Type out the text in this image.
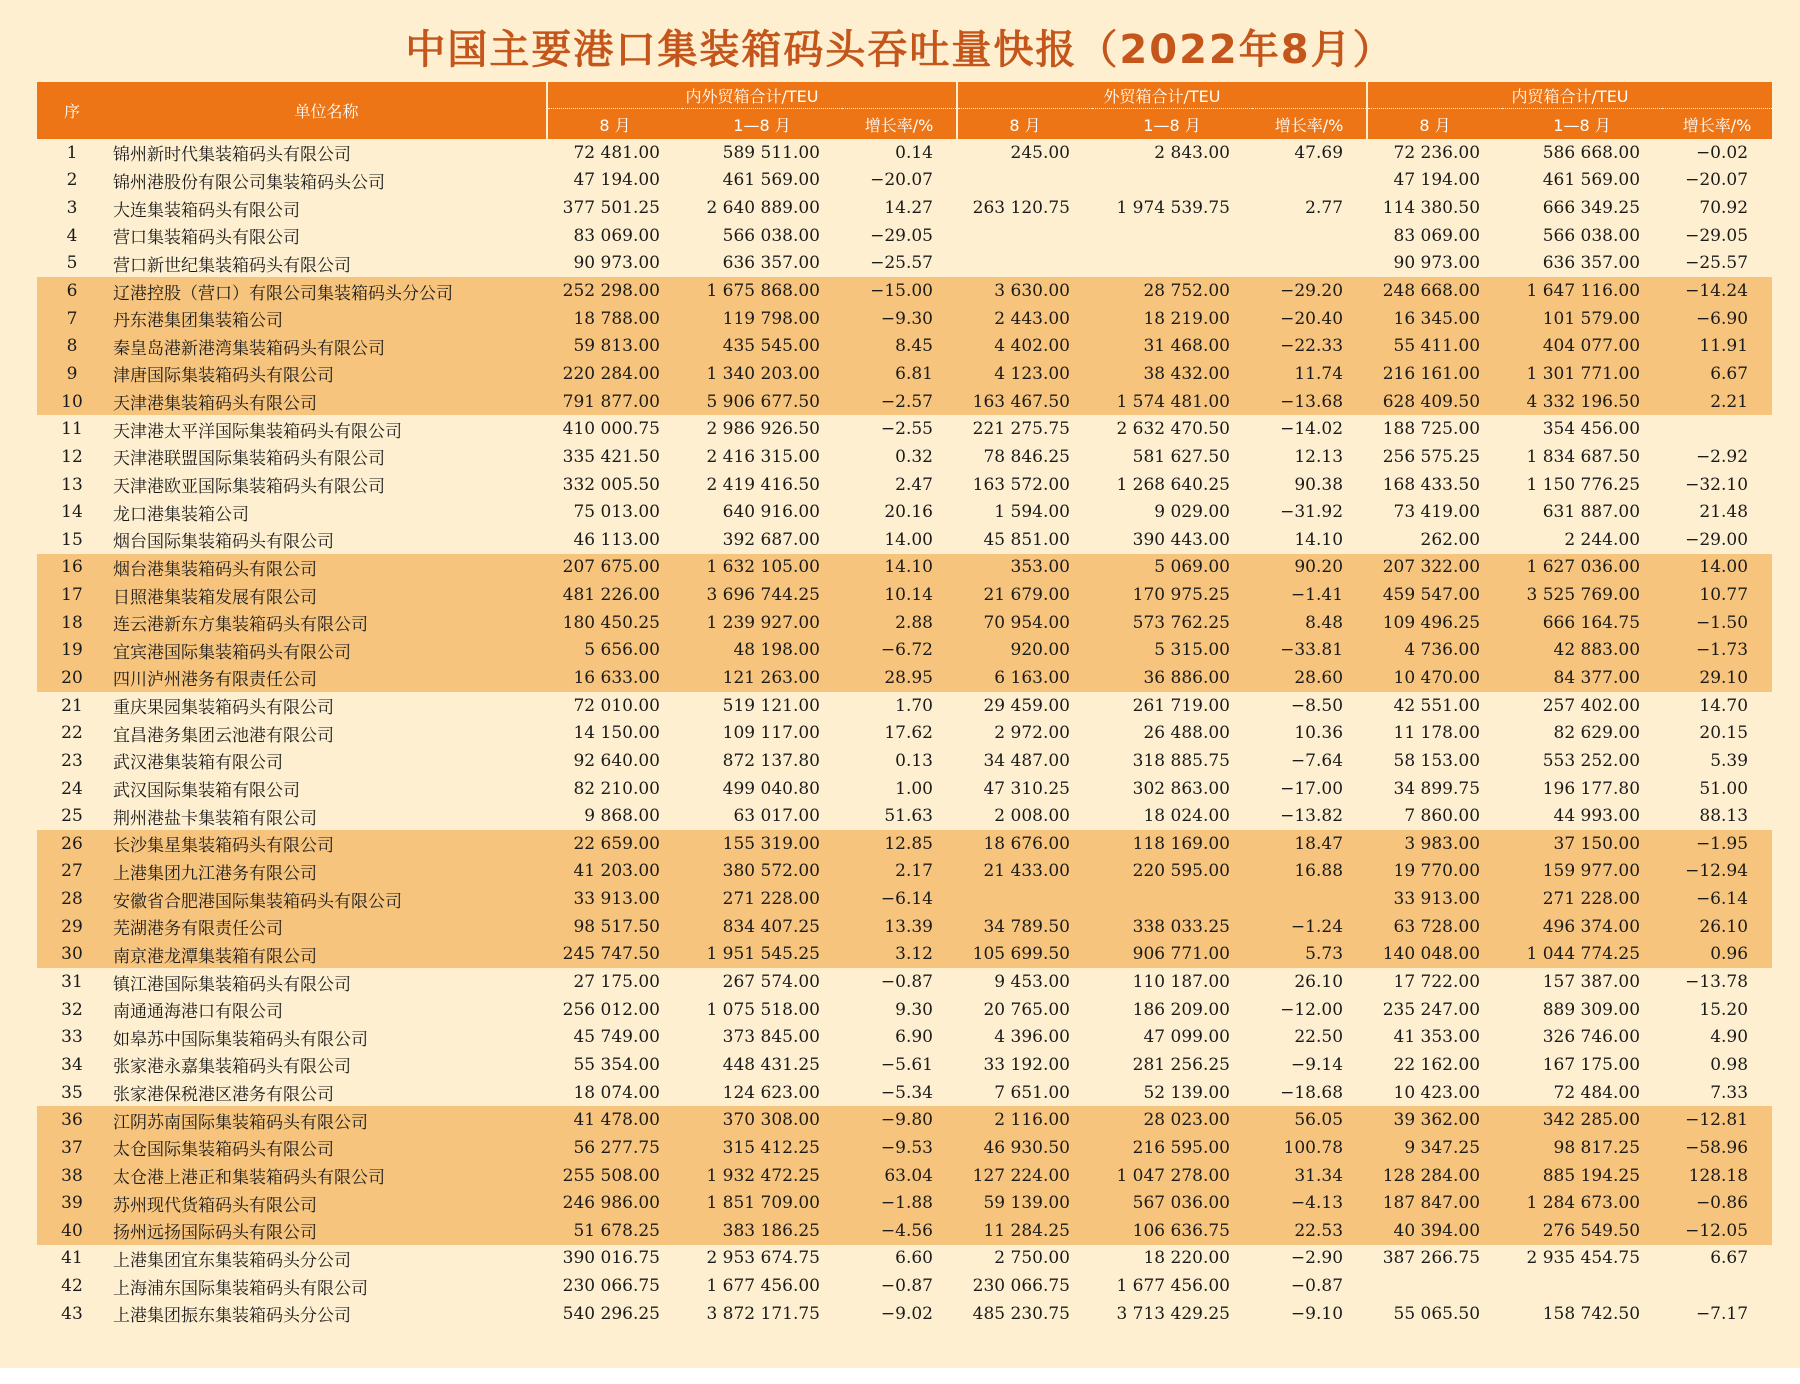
中国主要港口集装箱码头吞吐量快报（2022年8月）
序	单位名称	内外贸箱合计/TEU			外贸箱合计/TEU			内贸箱合计/TEU		
		8 月	1—8 月	增长率/%	8 月	1—8 月	增长率/%	8 月	1—8 月	增长率/%
1	锦州新时代集装箱码头有限公司	72 481.00	589 511.00	0.14	245.00	2 843.00	47.69	72 236.00	586 668.00	−0.02
2	锦州港股份有限公司集装箱码头公司	47 194.00	461 569.00	−20.07				47 194.00	461 569.00	−20.07
3	大连集装箱码头有限公司	377 501.25	2 640 889.00	14.27	263 120.75	1 974 539.75	2.77	114 380.50	666 349.25	70.92
4	营口集装箱码头有限公司	83 069.00	566 038.00	−29.05				83 069.00	566 038.00	−29.05
5	营口新世纪集装箱码头有限公司	90 973.00	636 357.00	−25.57				90 973.00	636 357.00	−25.57
6	辽港控股（营口）有限公司集装箱码头分公司	252 298.00	1 675 868.00	−15.00	3 630.00	28 752.00	−29.20	248 668.00	1 647 116.00	−14.24
7	丹东港集团集装箱公司	18 788.00	119 798.00	−9.30	2 443.00	18 219.00	−20.40	16 345.00	101 579.00	−6.90
8	秦皇岛港新港湾集装箱码头有限公司	59 813.00	435 545.00	8.45	4 402.00	31 468.00	−22.33	55 411.00	404 077.00	11.91
9	津唐国际集装箱码头有限公司	220 284.00	1 340 203.00	6.81	4 123.00	38 432.00	11.74	216 161.00	1 301 771.00	6.67
10	天津港集装箱码头有限公司	791 877.00	5 906 677.50	−2.57	163 467.50	1 574 481.00	−13.68	628 409.50	4 332 196.50	2.21
11	天津港太平洋国际集装箱码头有限公司	410 000.75	2 986 926.50	−2.55	221 275.75	2 632 470.50	−14.02	188 725.00	354 456.00	
12	天津港联盟国际集装箱码头有限公司	335 421.50	2 416 315.00	0.32	78 846.25	581 627.50	12.13	256 575.25	1 834 687.50	−2.92
13	天津港欧亚国际集装箱码头有限公司	332 005.50	2 419 416.50	2.47	163 572.00	1 268 640.25	90.38	168 433.50	1 150 776.25	−32.10
14	龙口港集装箱公司	75 013.00	640 916.00	20.16	1 594.00	9 029.00	−31.92	73 419.00	631 887.00	21.48
15	烟台国际集装箱码头有限公司	46 113.00	392 687.00	14.00	45 851.00	390 443.00	14.10	262.00	2 244.00	−29.00
16	烟台港集装箱码头有限公司	207 675.00	1 632 105.00	14.10	353.00	5 069.00	90.20	207 322.00	1 627 036.00	14.00
17	日照港集装箱发展有限公司	481 226.00	3 696 744.25	10.14	21 679.00	170 975.25	−1.41	459 547.00	3 525 769.00	10.77
18	连云港新东方集装箱码头有限公司	180 450.25	1 239 927.00	2.88	70 954.00	573 762.25	8.48	109 496.25	666 164.75	−1.50
19	宜宾港国际集装箱码头有限公司	5 656.00	48 198.00	−6.72	920.00	5 315.00	−33.81	4 736.00	42 883.00	−1.73
20	四川泸州港务有限责任公司	16 633.00	121 263.00	28.95	6 163.00	36 886.00	28.60	10 470.00	84 377.00	29.10
21	重庆果园集装箱码头有限公司	72 010.00	519 121.00	1.70	29 459.00	261 719.00	−8.50	42 551.00	257 402.00	14.70
22	宜昌港务集团云池港有限公司	14 150.00	109 117.00	17.62	2 972.00	26 488.00	10.36	11 178.00	82 629.00	20.15
23	武汉港集装箱有限公司	92 640.00	872 137.80	0.13	34 487.00	318 885.75	−7.64	58 153.00	553 252.00	5.39
24	武汉国际集装箱有限公司	82 210.00	499 040.80	1.00	47 310.25	302 863.00	−17.00	34 899.75	196 177.80	51.00
25	荆州港盐卡集装箱有限公司	9 868.00	63 017.00	51.63	2 008.00	18 024.00	−13.82	7 860.00	44 993.00	88.13
26	长沙集星集装箱码头有限公司	22 659.00	155 319.00	12.85	18 676.00	118 169.00	18.47	3 983.00	37 150.00	−1.95
27	上港集团九江港务有限公司	41 203.00	380 572.00	2.17	21 433.00	220 595.00	16.88	19 770.00	159 977.00	−12.94
28	安徽省合肥港国际集装箱码头有限公司	33 913.00	271 228.00	−6.14				33 913.00	271 228.00	−6.14
29	芜湖港务有限责任公司	98 517.50	834 407.25	13.39	34 789.50	338 033.25	−1.24	63 728.00	496 374.00	26.10
30	南京港龙潭集装箱有限公司	245 747.50	1 951 545.25	3.12	105 699.50	906 771.00	5.73	140 048.00	1 044 774.25	0.96
31	镇江港国际集装箱码头有限公司	27 175.00	267 574.00	−0.87	9 453.00	110 187.00	26.10	17 722.00	157 387.00	−13.78
32	南通通海港口有限公司	256 012.00	1 075 518.00	9.30	20 765.00	186 209.00	−12.00	235 247.00	889 309.00	15.20
33	如皋苏中国际集装箱码头有限公司	45 749.00	373 845.00	6.90	4 396.00	47 099.00	22.50	41 353.00	326 746.00	4.90
34	张家港永嘉集装箱码头有限公司	55 354.00	448 431.25	−5.61	33 192.00	281 256.25	−9.14	22 162.00	167 175.00	0.98
35	张家港保税港区港务有限公司	18 074.00	124 623.00	−5.34	7 651.00	52 139.00	−18.68	10 423.00	72 484.00	7.33
36	江阴苏南国际集装箱码头有限公司	41 478.00	370 308.00	−9.80	2 116.00	28 023.00	56.05	39 362.00	342 285.00	−12.81
37	太仓国际集装箱码头有限公司	56 277.75	315 412.25	−9.53	46 930.50	216 595.00	100.78	9 347.25	98 817.25	−58.96
38	太仓港上港正和集装箱码头有限公司	255 508.00	1 932 472.25	63.04	127 224.00	1 047 278.00	31.34	128 284.00	885 194.25	128.18
39	苏州现代货箱码头有限公司	246 986.00	1 851 709.00	−1.88	59 139.00	567 036.00	−4.13	187 847.00	1 284 673.00	−0.86
40	扬州远扬国际码头有限公司	51 678.25	383 186.25	−4.56	11 284.25	106 636.75	22.53	40 394.00	276 549.50	−12.05
41	上港集团宜东集装箱码头分公司	390 016.75	2 953 674.75	6.60	2 750.00	18 220.00	−2.90	387 266.75	2 935 454.75	6.67
42	上海浦东国际集装箱码头有限公司	230 066.75	1 677 456.00	−0.87	230 066.75	1 677 456.00	−0.87			
43	上港集团振东集装箱码头分公司	540 296.25	3 872 171.75	−9.02	485 230.75	3 713 429.25	−9.10	55 065.50	158 742.50	−7.17
